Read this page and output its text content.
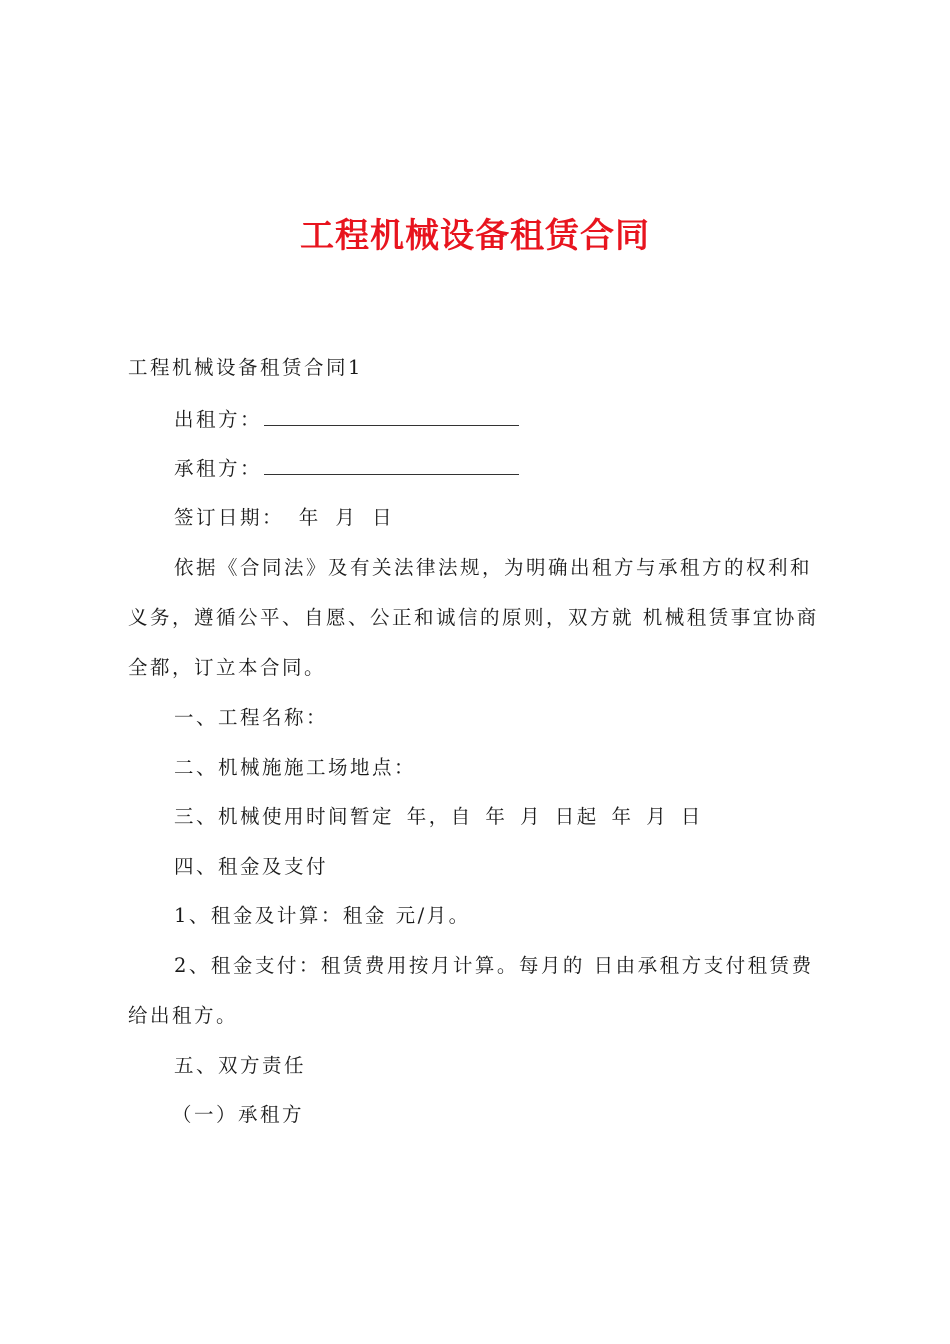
工程机械设备租赁合同
工程机械设备租赁合同1
出租方：
承租方：
签订日期： 年 月 日
依据《合同法》及有关法律法规，为明确出租方与承租方的权利和
义务，遵循公平、自愿、公正和诚信的原则，双方就 机械租赁事宜协商
全都，订立本合同。
一、工程名称：
二、机械施施工场地点：
三、机械使用时间暂定 年，自 年 月 日起 年 月 日
四、租金及支付
1、租金及计算：租金 元/月。
2、租金支付：租赁费用按月计算。每月的 日由承租方支付租赁费
给出租方。
五、双方责任
（一）承租方
